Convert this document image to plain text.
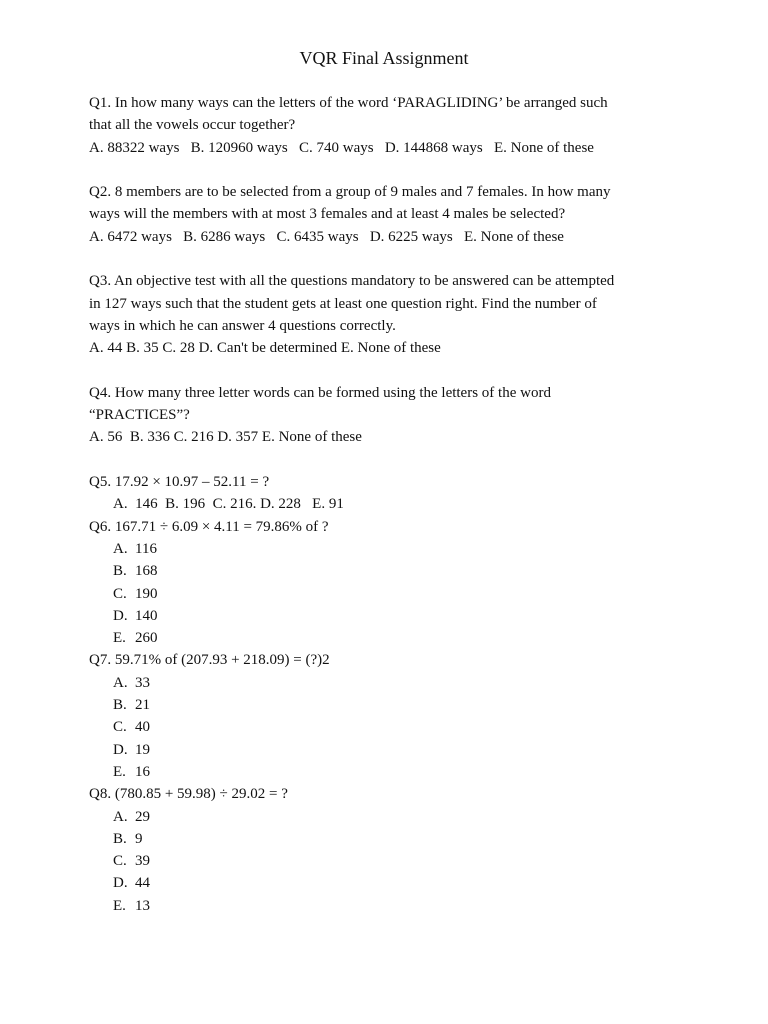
VQR Final Assignment
Q1. In how many ways can the letters of the word ‘PARAGLIDING’ be arranged such
that all the vowels occur together?
A. 88322 ways   B. 120960 ways   C. 740 ways   D. 144868 ways   E. None of these
Q2. 8 members are to be selected from a group of 9 males and 7 females. In how many
ways will the members with at most 3 females and at least 4 males be selected?
A. 6472 ways   B. 6286 ways   C. 6435 ways   D. 6225 ways   E. None of these
Q3. An objective test with all the questions mandatory to be answered can be attempted
in 127 ways such that the student gets at least one question right. Find the number of
ways in which he can answer 4 questions correctly.
A. 44 B. 35 C. 28 D. Can't be determined E. None of these
Q4. How many three letter words can be formed using the letters of the word
“PRACTICES”?
A. 56  B. 336 C. 216 D. 357 E. None of these
Q5. 17.92 × 10.97 – 52.11 = ?
A.  146  B. 196  C. 216. D. 228   E. 91
Q6. 167.71 ÷ 6.09 × 4.11 = 79.86% of ?
A. 116
B. 168
C. 190
D. 140
E. 260
Q7. 59.71% of (207.93 + 218.09) = (?)2
A. 33
B. 21
C. 40
D. 19
E. 16
Q8. (780.85 + 59.98) ÷ 29.02 = ?
A. 29
B. 9
C. 39
D. 44
E. 13
